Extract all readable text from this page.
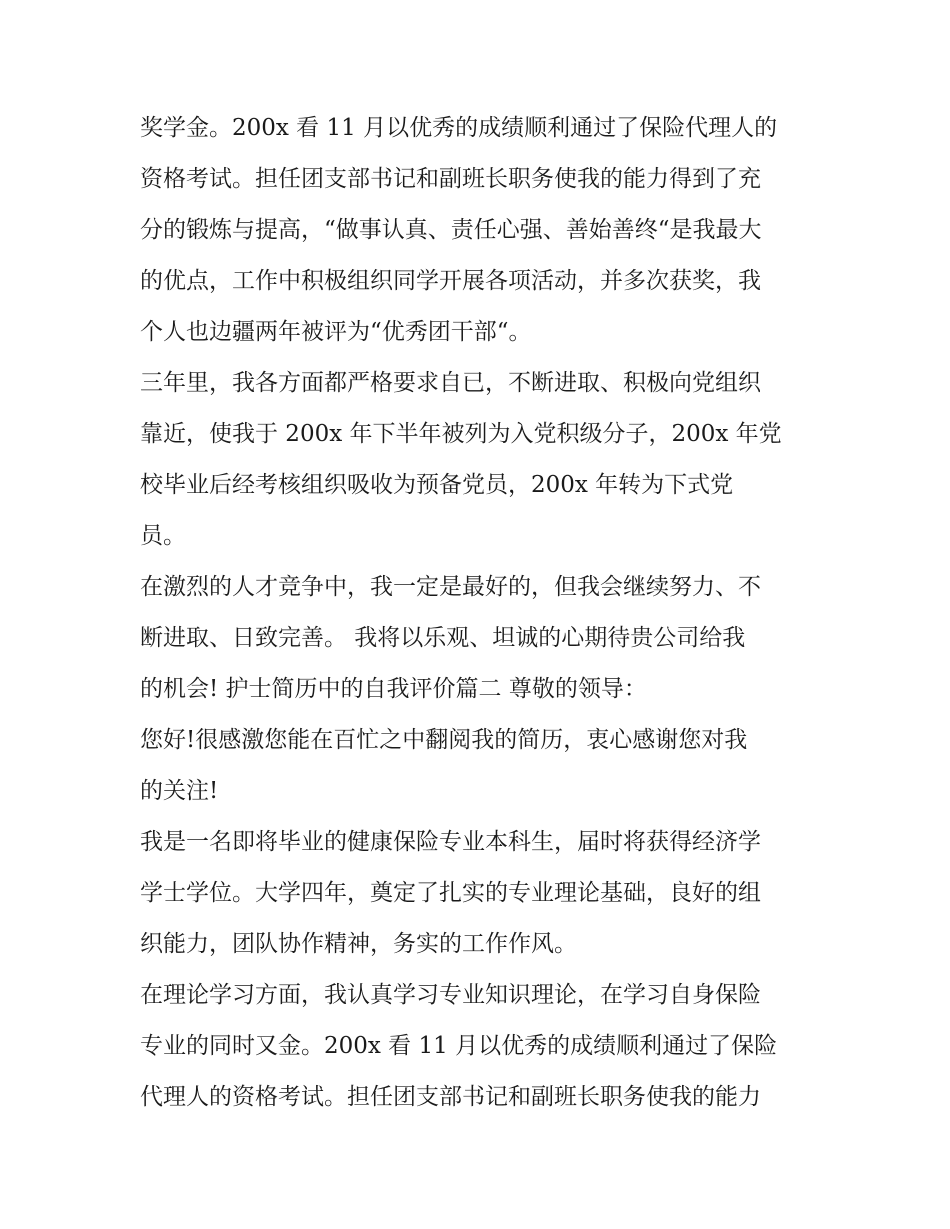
奖学金。200x 看 11 月以优秀的成绩顺利通过了保险代理人的
资格考试。担任团支部书记和副班长职务使我的能力得到了充
分的锻炼与提高，“做事认真、责任心强、善始善终“是我最大
的优点，工作中积极组织同学开展各项活动，并多次获奖，我
个人也边疆两年被评为“优秀团干部“。
三年里，我各方面都严格要求自已，不断进取、积极向党组织
靠近，使我于 200x 年下半年被列为入党积级分子，200x 年党
校毕业后经考核组织吸收为预备党员，200x 年转为下式党
员。
在激烈的人才竞争中，我一定是最好的，但我会继续努力、不
断进取、日致完善。 我将以乐观、坦诚的心期待贵公司给我
的机会! 护士简历中的自我评价篇二 尊敬的领导：
您好!很感激您能在百忙之中翻阅我的简历，衷心感谢您对我
的关注!
我是一名即将毕业的健康保险专业本科生，届时将获得经济学
学士学位。大学四年，奠定了扎实的专业理论基础，良好的组
织能力，团队协作精神，务实的工作作风。
在理论学习方面，我认真学习专业知识理论，在学习自身保险
专业的同时又金。200x 看 11 月以优秀的成绩顺利通过了保险
代理人的资格考试。担任团支部书记和副班长职务使我的能力
